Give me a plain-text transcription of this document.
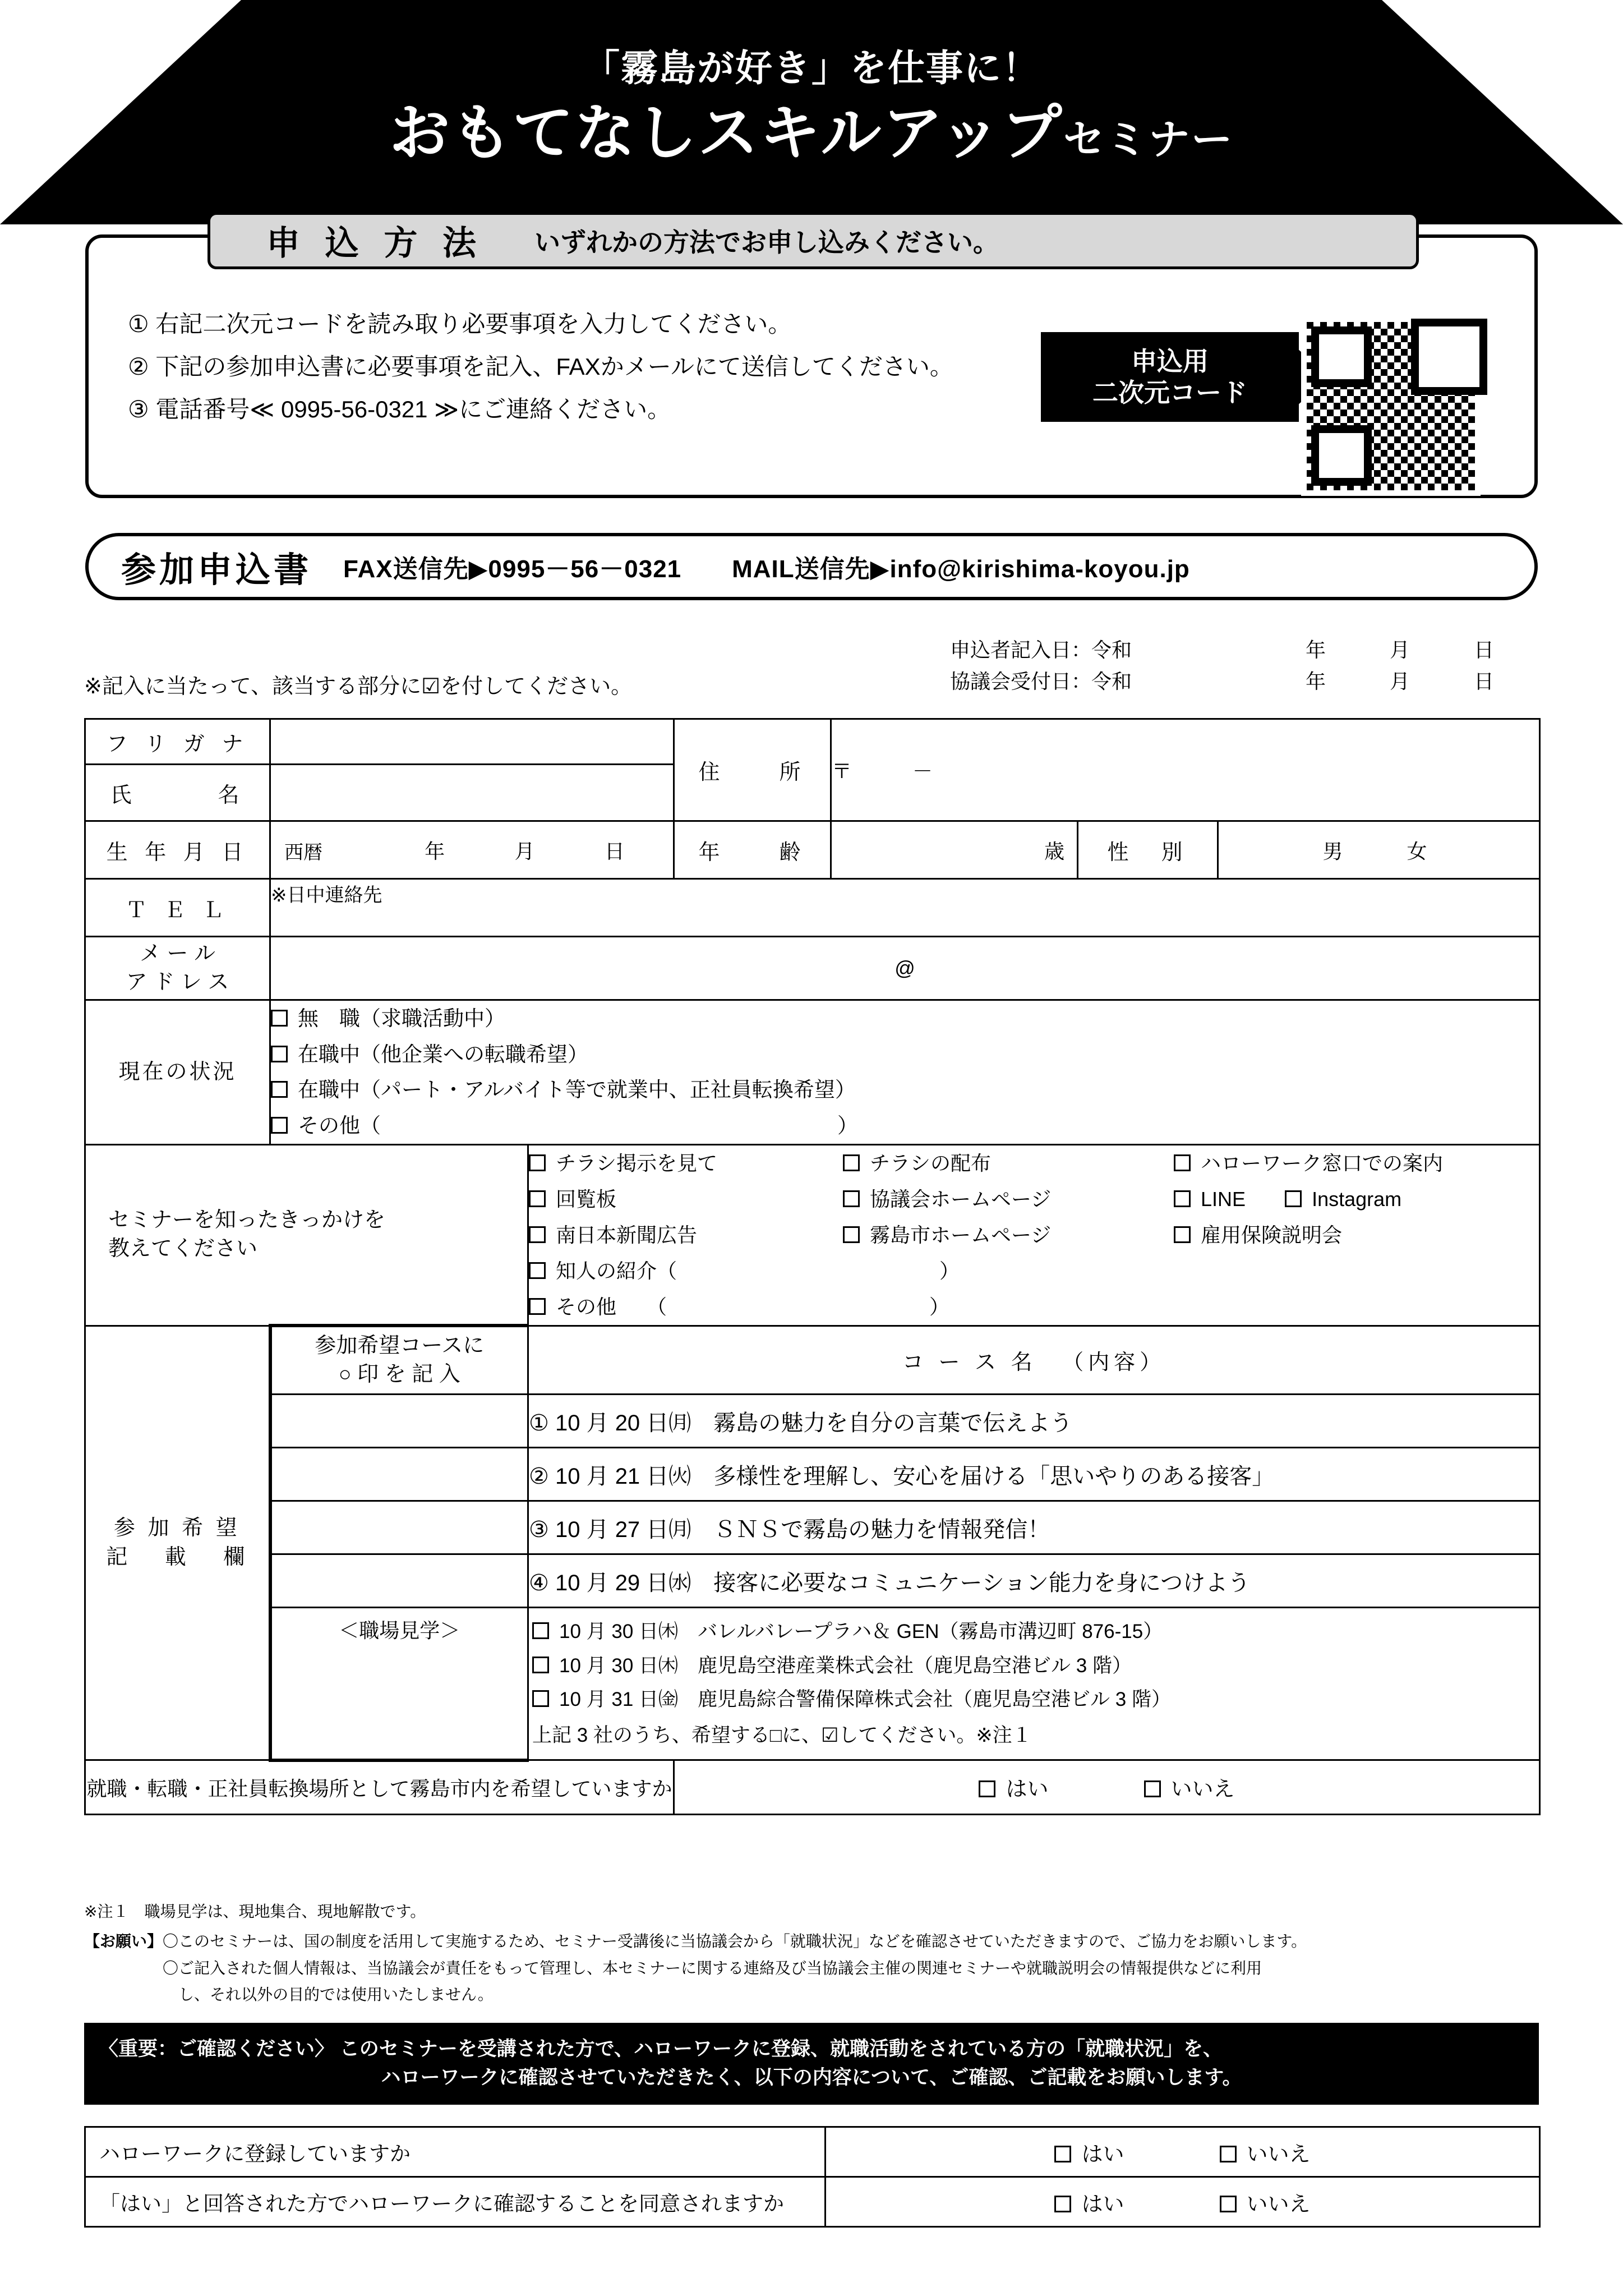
「霧島が好き」を仕事に！
おもてなしスキルアップセミナー
申 込 方 法 いずれかの方法でお申し込みください。
① 右記二次元コードを読み取り必要事項を入力してください。
② 下記の参加申込書に必要事項を記入、FAXかメールにて送信してください。
③ 電話番号≪ 0995-56-0321 ≫にご連絡ください。
申込用
二次元コード
参加申込書 FAX送信先▶0995－56－0321　　MAIL送信先▶info@kirishima-koyou.jp
申込者記入日：令和	年	月	日
協議会受付日：令和	年	月	日
※記入に当たって、該当する部分に☑を付してください。
フ リ ガ ナ			住　　所	〒　　　－		
氏　　　名						
生 年 月 日	西暦 年 月 日		年　　齢	歳	性　別	男　　女
Ｔ Ｅ Ｌ	※日中連絡先					

メ ー ル
ア ド レ ス	@					
現在の状況	無　職（求職活動中）
在職中（他企業への転職希望）
在職中（パート・アルバイト等で就業中、正社員転換希望）
その他（　　　　　　　　　　　　　　　　　　　　　　）					

セミナーを知ったきっかけを
教えてください

チラシ掲示を見て	チラシの配布	ハローワーク窓口での案内
回覧板	協議会ホームページ	LINE	Instagram
南日本新聞広告	霧島市ホームページ	雇用保険説明会
知人の紹介（　　　　　　　　　　　　　）
その他　　（　　　　　　　　　　　　　）

参 加 希 望
記 　載 　欄

参加希望コースに
○ 印 を 記 入
	コ ー ス 名 　（内容）
		① 10 月 20 日㈪　霧島の魅力を自分の言葉で伝えよう				
		② 10 月 21 日㈫　多様性を理解し、安心を届ける「思いやりのある接客」				
		③ 10 月 27 日㈪　ＳＮＳで霧島の魅力を情報発信！				
		④ 10 月 29 日㈬　接客に必要なコミュニケーション能力を身につけよう				
	＜職場見学＞	10 月 30 日㈭　バレルバレープラハ＆ GEN（霧島市溝辺町 876-15）
10 月 30 日㈭　鹿児島空港産業株式会社（鹿児島空港ビル 3 階）
10 月 31 日㈮　鹿児島綜合警備保障株式会社（鹿児島空港ビル 3 階）
上記 3 社のうち、希望する□に、☑してください。※注１				

就職・転職・正社員転換場所として霧島市内を希望していますか			はい いいえ			
※注１　職場見学は、現地集合、現地解散です。
【お願い】 〇このセミナーは、国の制度を活用して実施するため、セミナー受講後に当協議会から「就職状況」などを確認させていただきますので、ご協力をお願いします。
〇ご記入された個人情報は、当協議会が責任をもって管理し、本セミナーに関する連絡及び当協議会主催の関連セミナーや就職説明会の情報提供などに利用
し、それ以外の目的では使用いたしません。
〈重要：ご確認ください〉 このセミナーを受講された方で、ハローワークに登録、就職活動をされている方の「就職状況」を、
ハローワークに確認させていただきたく、以下の内容について、ご確認、ご記載をお願いします。
ハローワークに登録していますか	はい いいえ

「はい」と回答された方でハローワークに確認することを同意されますか	はい いいえ
